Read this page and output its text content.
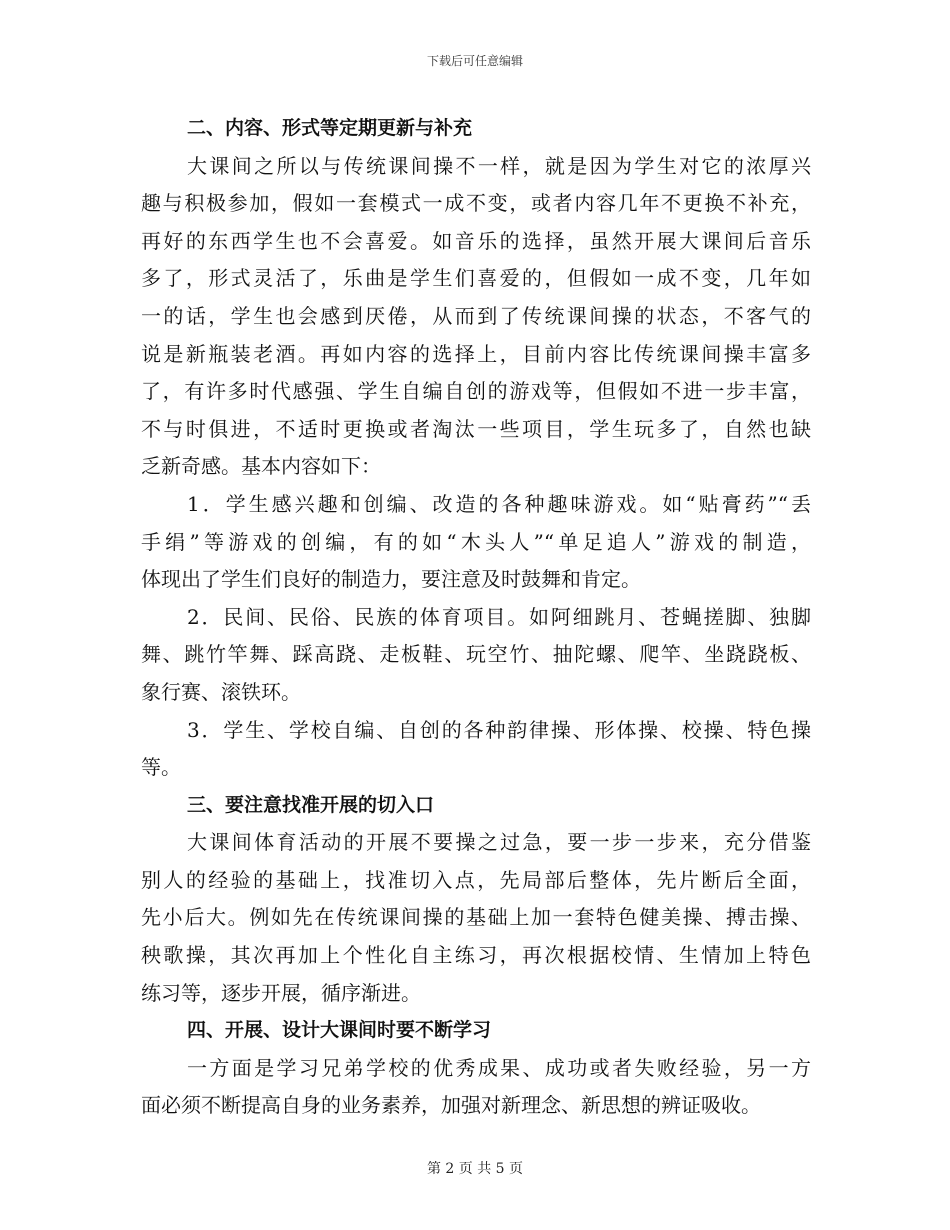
下载后可任意编辑
二、内容、形式等定期更新与补充
大课间之所以与传统课间操不一样，就是因为学生对它的浓厚兴
趣与积极参加，假如一套模式一成不变，或者内容几年不更换不补充，
再好的东西学生也不会喜爱。如音乐的选择，虽然开展大课间后音乐
多了，形式灵活了，乐曲是学生们喜爱的，但假如一成不变，几年如
一的话，学生也会感到厌倦，从而到了传统课间操的状态，不客气的
说是新瓶装老酒。再如内容的选择上，目前内容比传统课间操丰富多
了，有许多时代感强、学生自编自创的游戏等，但假如不进一步丰富，
不与时俱进，不适时更换或者淘汰一些项目，学生玩多了，自然也缺
乏新奇感。基本内容如下：
1．学生感兴趣和创编、改造的各种趣味游戏。如“贴膏药”“丢
手绢”等游戏的创编，有的如“木头人”“单足追人”游戏的制造，
体现出了学生们良好的制造力，要注意及时鼓舞和肯定。
2．民间、民俗、民族的体育项目。如阿细跳月、苍蝇搓脚、独脚
舞、跳竹竿舞、踩高跷、走板鞋、玩空竹、抽陀螺、爬竿、坐跷跷板、
象行赛、滚铁环。
3．学生、学校自编、自创的各种韵律操、形体操、校操、特色操
等。
三、要注意找准开展的切入口
大课间体育活动的开展不要操之过急，要一步一步来，充分借鉴
别人的经验的基础上，找准切入点，先局部后整体，先片断后全面，
先小后大。例如先在传统课间操的基础上加一套特色健美操、搏击操、
秧歌操，其次再加上个性化自主练习，再次根据校情、生情加上特色
练习等，逐步开展，循序渐进。
四、开展、设计大课间时要不断学习
一方面是学习兄弟学校的优秀成果、成功或者失败经验，另一方
面必须不断提高自身的业务素养，加强对新理念、新思想的辨证吸收。
第 2 页 共 5 页
